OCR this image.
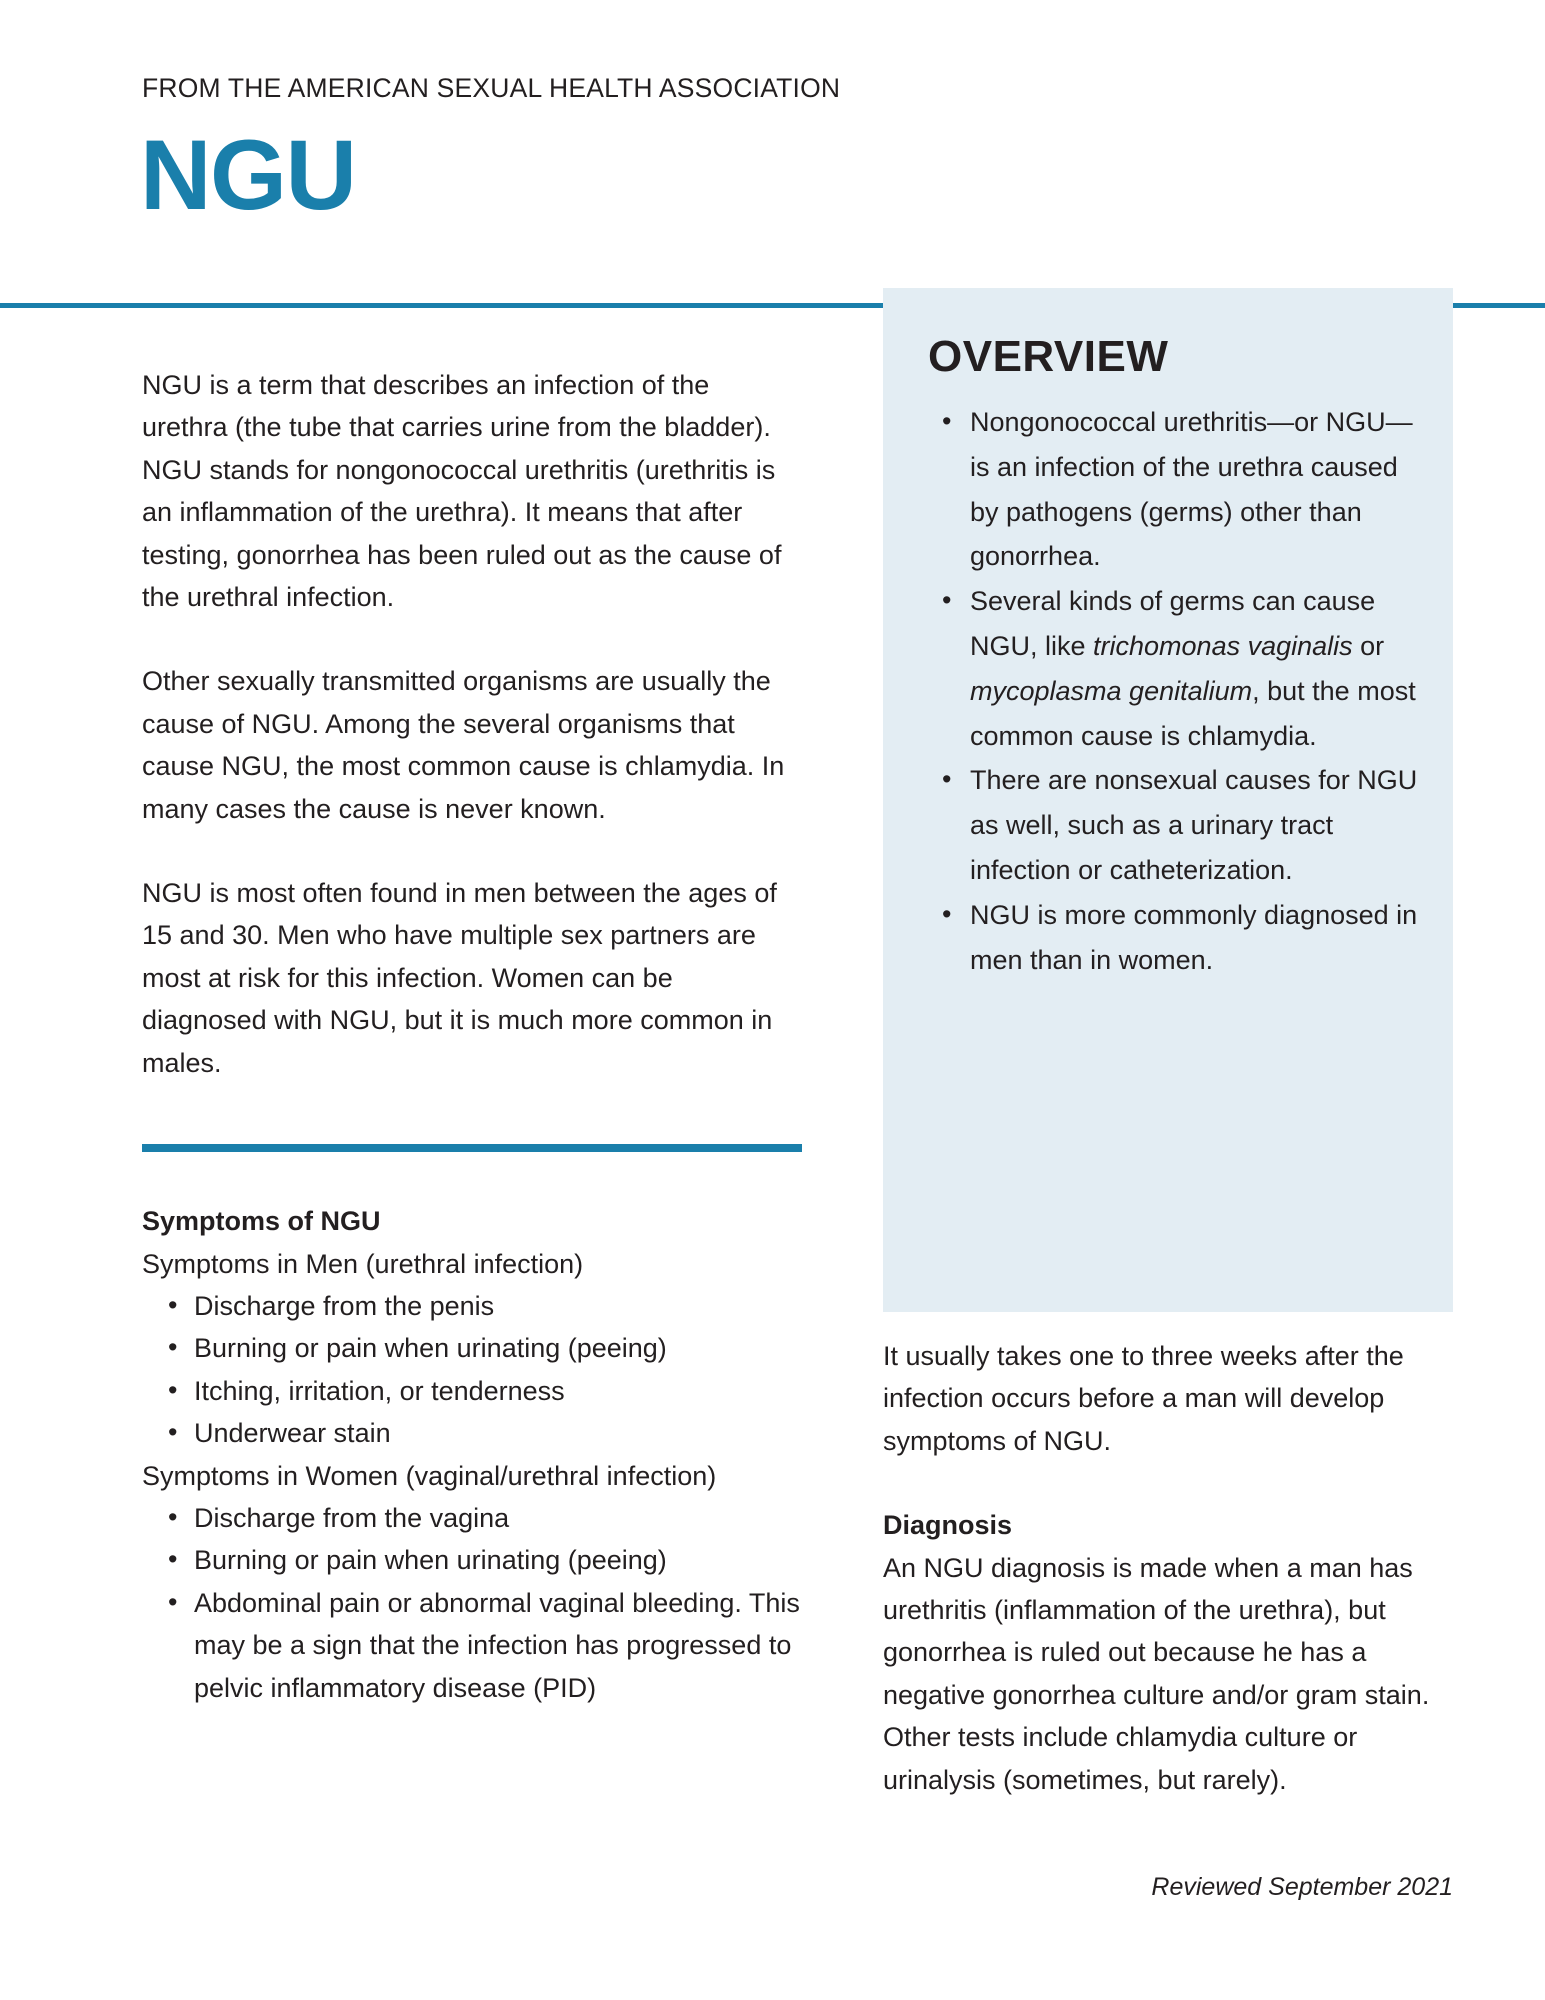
FROM THE AMERICAN SEXUAL HEALTH ASSOCIATION
NGU

NGU is a term that describes an infection of the urethra (the tube that carries urine from the bladder). NGU stands for nongonococcal urethritis (urethritis is an inflammation of the urethra). It means that after testing, gonorrhea has been ruled out as the cause of the urethral infection.

Other sexually transmitted organisms are usually the cause of NGU. Among the several organisms that cause NGU, the most common cause is chlamydia. In many cases the cause is never known.

NGU is most often found in men between the ages of 15 and 30. Men who have multiple sex partners are most at risk for this infection. Women can be diagnosed with NGU, but it is much more common in males.

Symptoms of NGU
Symptoms in Men (urethral infection)
• Discharge from the penis
• Burning or pain when urinating (peeing)
• Itching, irritation, or tenderness
• Underwear stain
Symptoms in Women (vaginal/urethral infection)
• Discharge from the vagina
• Burning or pain when urinating (peeing)
• Abdominal pain or abnormal vaginal bleeding. This may be a sign that the infection has progressed to pelvic inflammatory disease (PID)
OVERVIEW
• Nongonococcal urethritis—or NGU—is an infection of the urethra caused by pathogens (germs) other than gonorrhea.
• Several kinds of germs can cause NGU, like trichomonas vaginalis or mycoplasma genitalium, but the most common cause is chlamydia.
• There are nonsexual causes for NGU as well, such as a urinary tract infection or catheterization.
• NGU is more commonly diagnosed in men than in women.

It usually takes one to three weeks after the infection occurs before a man will develop symptoms of NGU.

Diagnosis

An NGU diagnosis is made when a man has urethritis (inflammation of the urethra), but gonorrhea is ruled out because he has a negative gonorrhea culture and/or gram stain. Other tests include chlamydia culture or urinalysis (sometimes, but rarely).

Reviewed September 2021
